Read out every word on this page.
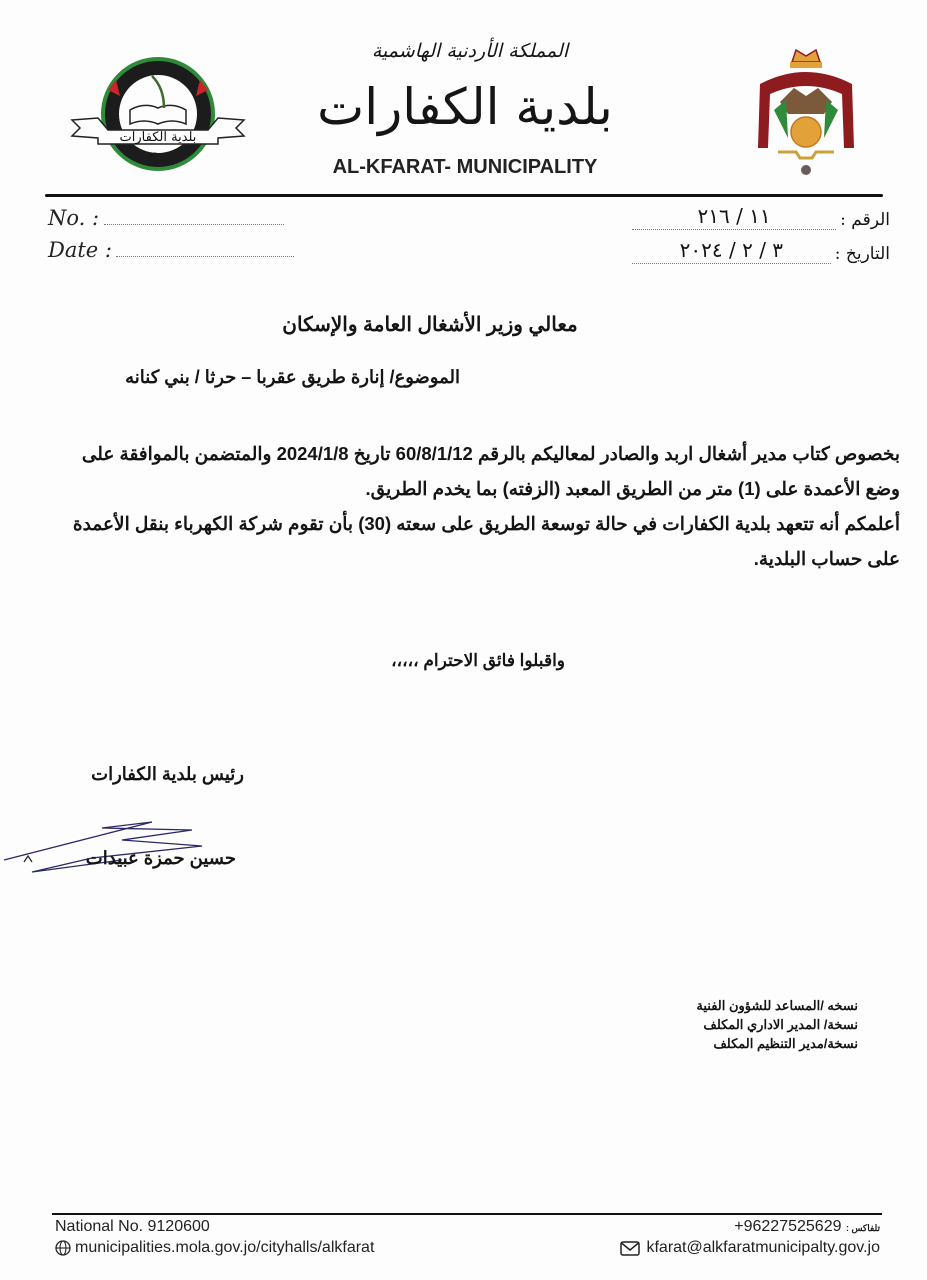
المملكة الأردنية الهاشمية
بلدية الكفارات
AL-KFARAT- MUNICIPALITY
بلدية الكفارات
٢٠٠٠م
No. :
Date :
الرقم :
١١ / ٢١٦
التاريخ :
٣ / ٢ / ٢٠٢٤
معالي وزير الأشغال العامة والإسكان
الموضوع/ إنارة طريق عقربا – حرثا / بني كنانه

بخصوص كتاب مدير أشغال اربد والصادر لمعاليكم بالرقم 60/8/1/12 تاريخ 2024/1/8 والمتضمن بالموافقة على وضع الأعمدة على (1) متر من الطريق المعبد (الزفته) بما يخدم الطريق.

أعلمكم أنه تتعهد بلدية الكفارات في حالة توسعة الطريق على سعته (30) بأن تقوم شركة الكهرباء بنقل الأعمدة على حساب البلدية.

واقبلوا فائق الاحترام ،،،،،
رئيس بلدية الكفارات
حسين حمزة عبيدات
نسخه /المساعد للشؤون الفنية
نسخة/ المدير الاداري المكلف
نسخة/مدير التنظيم المكلف
National No. 9120600
municipalities.mola.gov.jo/cityhalls/alkfarat
+96227525629 تلفاكس :
kfarat@alkfaratmunicipalty.gov.jo
